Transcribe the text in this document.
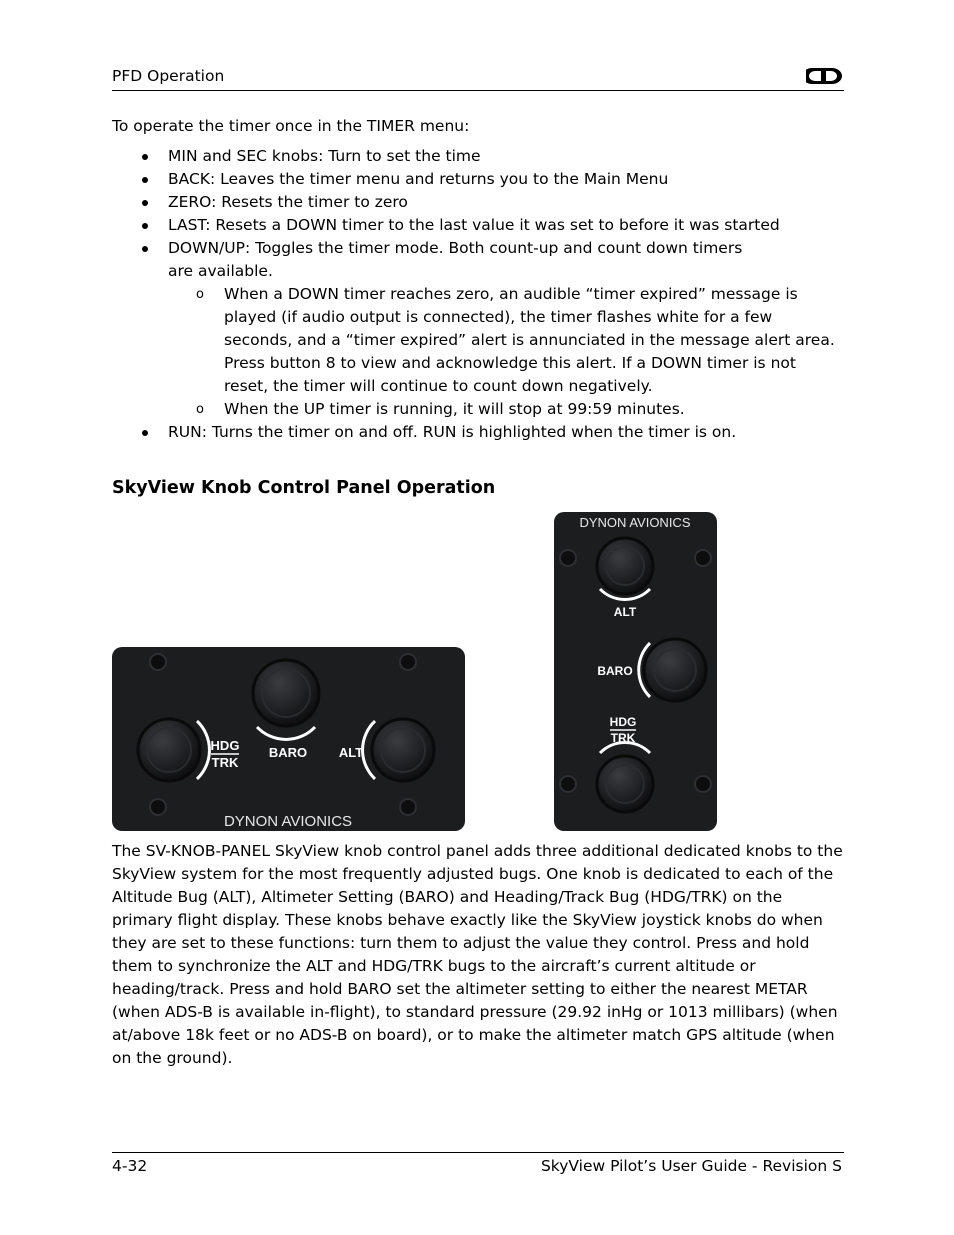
PFD Operation
To operate the timer once in the TIMER menu:
MIN and SEC knobs: Turn to set the time
BACK: Leaves the timer menu and returns you to the Main Menu
ZERO: Resets the timer to zero
LAST: Resets a DOWN timer to the last value it was set to before it was started
DOWN/UP: Toggles the timer mode. Both count-up and count down timers are available.
o When a DOWN timer reaches zero, an audible “timer expired” message is played (if audio output is connected), the timer flashes white for a few seconds, and a “timer expired” alert is annunciated in the message alert area. Press button 8 to view and acknowledge this alert. If a DOWN timer is not reset, the timer will continue to count down negatively.
o When the UP timer is running, it will stop at 99:59 minutes.
RUN: Turns the timer on and off. RUN is highlighted when the timer is on.
SkyView Knob Control Panel Operation
HDG
TRK
BARO ALT
DYNON AVIONICS
DYNON AVIONICS
ALT
BARO
HDG
TRK
The SV-KNOB-PANEL SkyView knob control panel adds three additional dedicated knobs to the SkyView system for the most frequently adjusted bugs. One knob is dedicated to each of the Altitude Bug (ALT), Altimeter Setting (BARO) and Heading/Track Bug (HDG/TRK) on the primary flight display. These knobs behave exactly like the SkyView joystick knobs do when they are set to these functions: turn them to adjust the value they control. Press and hold them to synchronize the ALT and HDG/TRK bugs to the aircraft’s current altitude or heading/track. Press and hold BARO set the altimeter setting to either the nearest METAR (when ADS-B is available in-flight), to standard pressure (29.92 inHg or 1013 millibars) (when at/above 18k feet or no ADS-B on board), or to make the altimeter match GPS altitude (when on the ground).
4-32	SkyView Pilot’s User Guide - Revision S
